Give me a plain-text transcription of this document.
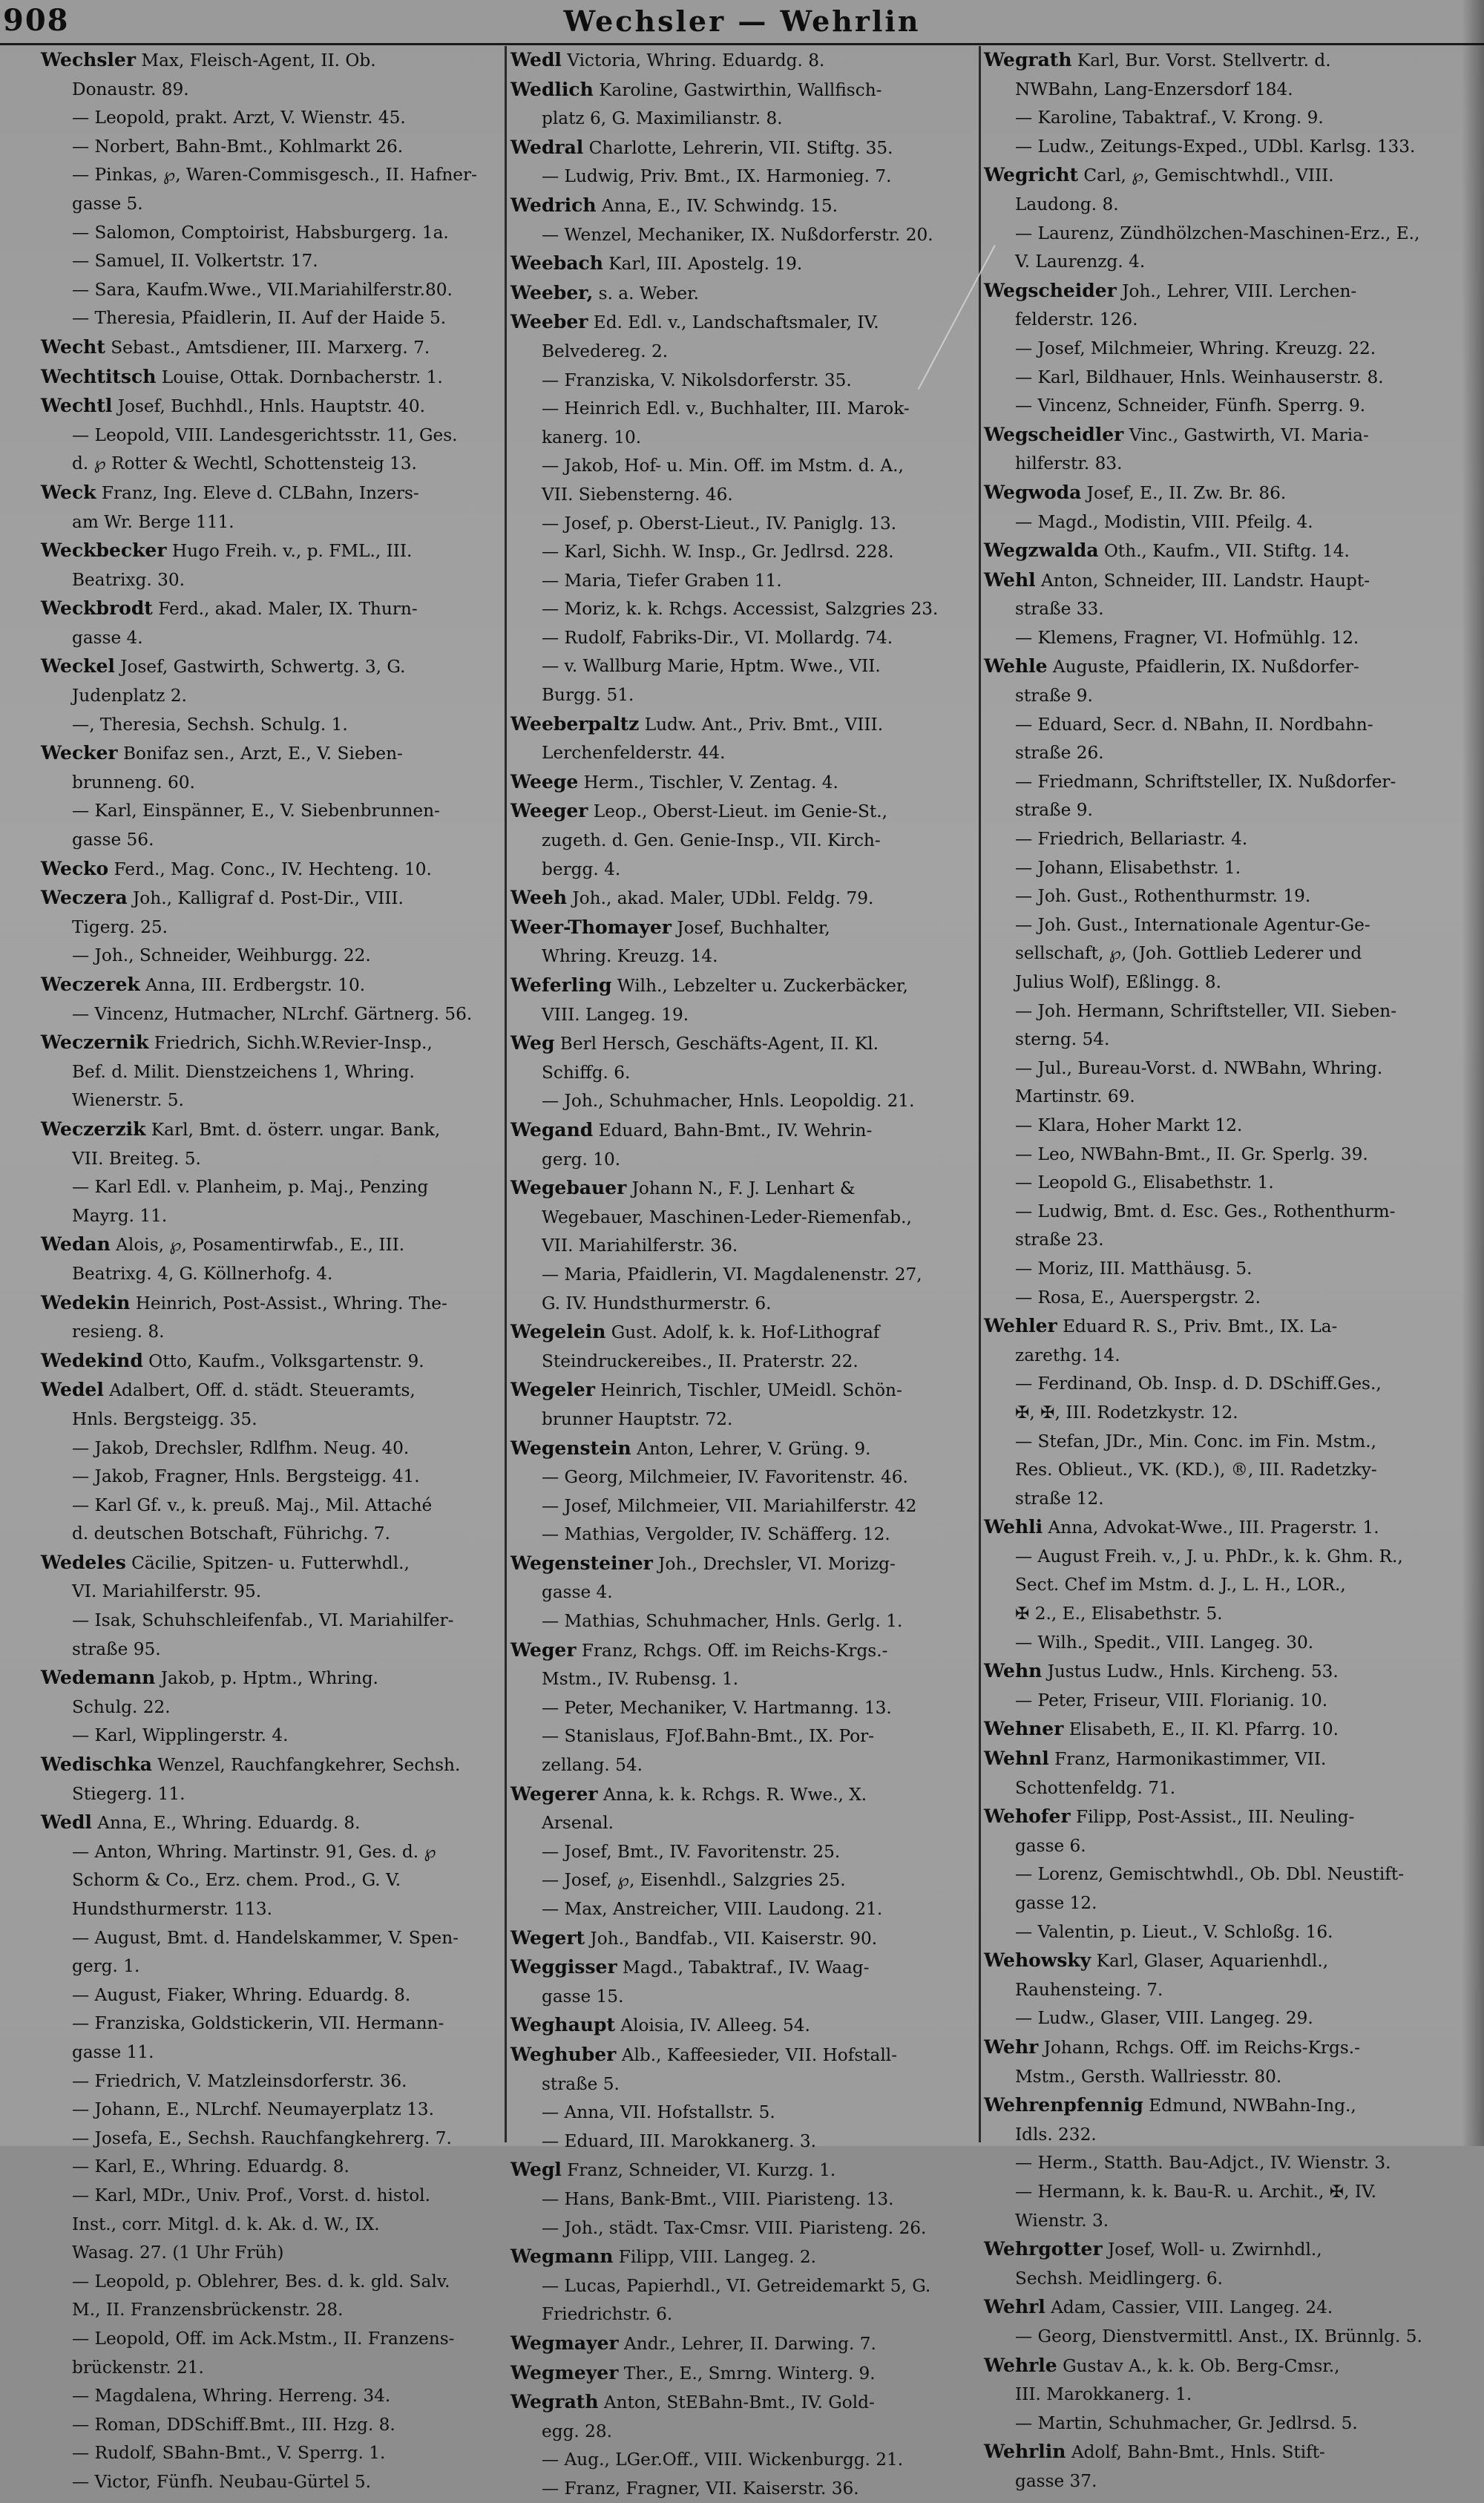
908	Wechsler — Wehrlin

Wechsler Max, Fleisch-Agent, II. Ob.

Donaustr. 89.

— Leopold, prakt. Arzt, V. Wienstr. 45.

— Norbert, Bahn-Bmt., Kohlmarkt 26.

— Pinkas, ℘, Waren-Commisgesch., II. Hafner-

gasse 5.

— Salomon, Comptoirist, Habsburgerg. 1a.

— Samuel, II. Volkertstr. 17.

— Sara, Kaufm.Wwe., VII.Mariahilferstr.80.

— Theresia, Pfaidlerin, II. Auf der Haide 5.

Wecht Sebast., Amtsdiener, III. Marxerg. 7.

Wechtitsch Louise, Ottak. Dornbacherstr. 1.

Wechtl Josef, Buchhdl., Hnls. Hauptstr. 40.

— Leopold, VIII. Landesgerichtsstr. 11, Ges.

d. ℘ Rotter & Wechtl, Schottensteig 13.

Weck Franz, Ing. Eleve d. CLBahn, Inzers-

am Wr. Berge 111.

Weckbecker Hugo Freih. v., p. FML., III.

Beatrixg. 30.

Weckbrodt Ferd., akad. Maler, IX. Thurn-

gasse 4.

Weckel Josef, Gastwirth, Schwertg. 3, G.

Judenplatz 2.

—, Theresia, Sechsh. Schulg. 1.

Wecker Bonifaz sen., Arzt, E., V. Sieben-

brunneng. 60.

— Karl, Einspänner, E., V. Siebenbrunnen-

gasse 56.

Wecko Ferd., Mag. Conc., IV. Hechteng. 10.

Weczera Joh., Kalligraf d. Post-Dir., VIII.

Tigerg. 25.

— Joh., Schneider, Weihburgg. 22.

Weczerek Anna, III. Erdbergstr. 10.

— Vincenz, Hutmacher, NLrchf. Gärtnerg. 56.

Weczernik Friedrich, Sichh.W.Revier-Insp.,

Bef. d. Milit. Dienstzeichens 1, Whring.

Wienerstr. 5.

Weczerzik Karl, Bmt. d. österr. ungar. Bank,

VII. Breiteg. 5.

— Karl Edl. v. Planheim, p. Maj., Penzing

Mayrg. 11.

Wedan Alois, ℘, Posamentirwfab., E., III.

Beatrixg. 4, G. Köllnerhofg. 4.

Wedekin Heinrich, Post-Assist., Whring. The-

resieng. 8.

Wedekind Otto, Kaufm., Volksgartenstr. 9.

Wedel Adalbert, Off. d. städt. Steueramts,

Hnls. Bergsteigg. 35.

— Jakob, Drechsler, Rdlfhm. Neug. 40.

— Jakob, Fragner, Hnls. Bergsteigg. 41.

— Karl Gf. v., k. preuß. Maj., Mil. Attaché

d. deutschen Botschaft, Führichg. 7.

Wedeles Cäcilie, Spitzen- u. Futterwhdl.,

VI. Mariahilferstr. 95.

— Isak, Schuhschleifenfab., VI. Mariahilfer-

straße 95.

Wedemann Jakob, p. Hptm., Whring.

Schulg. 22.

— Karl, Wipplingerstr. 4.

Wedischka Wenzel, Rauchfangkehrer, Sechsh.

Stiegerg. 11.

Wedl Anna, E., Whring. Eduardg. 8.

— Anton, Whring. Martinstr. 91, Ges. d. ℘

Schorm & Co., Erz. chem. Prod., G. V.

Hundsthurmerstr. 113.

— August, Bmt. d. Handelskammer, V. Spen-

gerg. 1.

— August, Fiaker, Whring. Eduardg. 8.

— Franziska, Goldstickerin, VII. Hermann-

gasse 11.

— Friedrich, V. Matzleinsdorferstr. 36.

— Johann, E., NLrchf. Neumayerplatz 13.

— Josefa, E., Sechsh. Rauchfangkehrerg. 7.

— Karl, E., Whring. Eduardg. 8.

— Karl, MDr., Univ. Prof., Vorst. d. histol.

Inst., corr. Mitgl. d. k. Ak. d. W., IX.

Wasag. 27. (1 Uhr Früh)

— Leopold, p. Oblehrer, Bes. d. k. gld. Salv.

M., II. Franzensbrückenstr. 28.

— Leopold, Off. im Ack.Mstm., II. Franzens-

brückenstr. 21.

— Magdalena, Whring. Herreng. 34.

— Roman, DDSchiff.Bmt., III. Hzg. 8.

— Rudolf, SBahn-Bmt., V. Sperrg. 1.

— Victor, Fünfh. Neubau-Gürtel 5.

Wedl Victoria, Whring. Eduardg. 8.

Wedlich Karoline, Gastwirthin, Wallfisch-

platz 6, G. Maximilianstr. 8.

Wedral Charlotte, Lehrerin, VII. Stiftg. 35.

— Ludwig, Priv. Bmt., IX. Harmonieg. 7.

Wedrich Anna, E., IV. Schwindg. 15.

— Wenzel, Mechaniker, IX. Nußdorferstr. 20.

Weebach Karl, III. Apostelg. 19.

Weeber, s. a. Weber.

Weeber Ed. Edl. v., Landschaftsmaler, IV.

Belvedereg. 2.

— Franziska, V. Nikolsdorferstr. 35.

— Heinrich Edl. v., Buchhalter, III. Marok-

kanerg. 10.

— Jakob, Hof- u. Min. Off. im Mstm. d. A.,

VII. Siebensterng. 46.

— Josef, p. Oberst-Lieut., IV. Paniglg. 13.

— Karl, Sichh. W. Insp., Gr. Jedlrsd. 228.

— Maria, Tiefer Graben 11.

— Moriz, k. k. Rchgs. Accessist, Salzgries 23.

— Rudolf, Fabriks-Dir., VI. Mollardg. 74.

— v. Wallburg Marie, Hptm. Wwe., VII.

Burgg. 51.

Weeberpaltz Ludw. Ant., Priv. Bmt., VIII.

Lerchenfelderstr. 44.

Weege Herm., Tischler, V. Zentag. 4.

Weeger Leop., Oberst-Lieut. im Genie-St.,

zugeth. d. Gen. Genie-Insp., VII. Kirch-

bergg. 4.

Weeh Joh., akad. Maler, UDbl. Feldg. 79.

Weer-Thomayer Josef, Buchhalter,

Whring. Kreuzg. 14.

Weferling Wilh., Lebzelter u. Zuckerbäcker,

VIII. Langeg. 19.

Weg Berl Hersch, Geschäfts-Agent, II. Kl.

Schiffg. 6.

— Joh., Schuhmacher, Hnls. Leopoldig. 21.

Wegand Eduard, Bahn-Bmt., IV. Wehrin-

gerg. 10.

Wegebauer Johann N., F. J. Lenhart &

Wegebauer, Maschinen-Leder-Riemenfab.,

VII. Mariahilferstr. 36.

— Maria, Pfaidlerin, VI. Magdalenenstr. 27,

G. IV. Hundsthurmerstr. 6.

Wegelein Gust. Adolf, k. k. Hof-Lithograf

Steindruckereibes., II. Praterstr. 22.

Wegeler Heinrich, Tischler, UMeidl. Schön-

brunner Hauptstr. 72.

Wegenstein Anton, Lehrer, V. Grüng. 9.

— Georg, Milchmeier, IV. Favoritenstr. 46.

— Josef, Milchmeier, VII. Mariahilferstr. 42

— Mathias, Vergolder, IV. Schäfferg. 12.

Wegensteiner Joh., Drechsler, VI. Morizg-

gasse 4.

— Mathias, Schuhmacher, Hnls. Gerlg. 1.

Weger Franz, Rchgs. Off. im Reichs-Krgs.-

Mstm., IV. Rubensg. 1.

— Peter, Mechaniker, V. Hartmanng. 13.

— Stanislaus, FJof.Bahn-Bmt., IX. Por-

zellang. 54.

Wegerer Anna, k. k. Rchgs. R. Wwe., X.

Arsenal.

— Josef, Bmt., IV. Favoritenstr. 25.

— Josef, ℘, Eisenhdl., Salzgries 25.

— Max, Anstreicher, VIII. Laudong. 21.

Wegert Joh., Bandfab., VII. Kaiserstr. 90.

Weggisser Magd., Tabaktraf., IV. Waag-

gasse 15.

Weghaupt Aloisia, IV. Alleeg. 54.

Weghuber Alb., Kaffeesieder, VII. Hofstall-

straße 5.

— Anna, VII. Hofstallstr. 5.

— Eduard, III. Marokkanerg. 3.

Wegl Franz, Schneider, VI. Kurzg. 1.

— Hans, Bank-Bmt., VIII. Piaristeng. 13.

— Joh., städt. Tax-Cmsr. VIII. Piaristeng. 26.

Wegmann Filipp, VIII. Langeg. 2.

— Lucas, Papierhdl., VI. Getreidemarkt 5, G.

Friedrichstr. 6.

Wegmayer Andr., Lehrer, II. Darwing. 7.

Wegmeyer Ther., E., Smrng. Winterg. 9.

Wegrath Anton, StEBahn-Bmt., IV. Gold-

egg. 28.

— Aug., LGer.Off., VIII. Wickenburgg. 21.

— Franz, Fragner, VII. Kaiserstr. 36.

Wegrath Karl, Bur. Vorst. Stellvertr. d.

NWBahn, Lang-Enzersdorf 184.

— Karoline, Tabaktraf., V. Krong. 9.

— Ludw., Zeitungs-Exped., UDbl. Karlsg. 133.

Wegricht Carl, ℘, Gemischtwhdl., VIII.

Laudong. 8.

— Laurenz, Zündhölzchen-Maschinen-Erz., E.,

V. Laurenzg. 4.

Wegscheider Joh., Lehrer, VIII. Lerchen-

felderstr. 126.

— Josef, Milchmeier, Whring. Kreuzg. 22.

— Karl, Bildhauer, Hnls. Weinhauserstr. 8.

— Vincenz, Schneider, Fünfh. Sperrg. 9.

Wegscheidler Vinc., Gastwirth, VI. Maria-

hilferstr. 83.

Wegwoda Josef, E., II. Zw. Br. 86.

— Magd., Modistin, VIII. Pfeilg. 4.

Wegzwalda Oth., Kaufm., VII. Stiftg. 14.

Wehl Anton, Schneider, III. Landstr. Haupt-

straße 33.

— Klemens, Fragner, VI. Hofmühlg. 12.

Wehle Auguste, Pfaidlerin, IX. Nußdorfer-

straße 9.

— Eduard, Secr. d. NBahn, II. Nordbahn-

straße 26.

— Friedmann, Schriftsteller, IX. Nußdorfer-

straße 9.

— Friedrich, Bellariastr. 4.

— Johann, Elisabethstr. 1.

— Joh. Gust., Rothenthurmstr. 19.

— Joh. Gust., Internationale Agentur-Ge-

sellschaft, ℘, (Joh. Gottlieb Lederer und

Julius Wolf), Eßlingg. 8.

— Joh. Hermann, Schriftsteller, VII. Sieben-

sterng. 54.

— Jul., Bureau-Vorst. d. NWBahn, Whring.

Martinstr. 69.

— Klara, Hoher Markt 12.

— Leo, NWBahn-Bmt., II. Gr. Sperlg. 39.

— Leopold G., Elisabethstr. 1.

— Ludwig, Bmt. d. Esc. Ges., Rothenthurm-

straße 23.

— Moriz, III. Matthäusg. 5.

— Rosa, E., Auerspergstr. 2.

Wehler Eduard R. S., Priv. Bmt., IX. La-

zarethg. 14.

— Ferdinand, Ob. Insp. d. D. DSchiff.Ges.,

✠, ✠, III. Rodetzkystr. 12.

— Stefan, JDr., Min. Conc. im Fin. Mstm.,

Res. Oblieut., VK. (KD.), ®, III. Radetzky-

straße 12.

Wehli Anna, Advokat-Wwe., III. Pragerstr. 1.

— August Freih. v., J. u. PhDr., k. k. Ghm. R.,

Sect. Chef im Mstm. d. J., L. H., LOR.,

✠ 2., E., Elisabethstr. 5.

— Wilh., Spedit., VIII. Langeg. 30.

Wehn Justus Ludw., Hnls. Kircheng. 53.

— Peter, Friseur, VIII. Florianig. 10.

Wehner Elisabeth, E., II. Kl. Pfarrg. 10.

Wehnl Franz, Harmonikastimmer, VII.

Schottenfeldg. 71.

Wehofer Filipp, Post-Assist., III. Neuling-

gasse 6.

— Lorenz, Gemischtwhdl., Ob. Dbl. Neustift-

gasse 12.

— Valentin, p. Lieut., V. Schloßg. 16.

Wehowsky Karl, Glaser, Aquarienhdl.,

Rauhensteing. 7.

— Ludw., Glaser, VIII. Langeg. 29.

Wehr Johann, Rchgs. Off. im Reichs-Krgs.-

Mstm., Gersth. Wallriesstr. 80.

Wehrenpfennig Edmund, NWBahn-Ing.,

Idls. 232.

— Herm., Statth. Bau-Adjct., IV. Wienstr. 3.

— Hermann, k. k. Bau-R. u. Archit., ✠, IV.

Wienstr. 3.

Wehrgotter Josef, Woll- u. Zwirnhdl.,

Sechsh. Meidlingerg. 6.

Wehrl Adam, Cassier, VIII. Langeg. 24.

— Georg, Dienstvermittl. Anst., IX. Brünnlg. 5.

Wehrle Gustav A., k. k. Ob. Berg-Cmsr.,

III. Marokkanerg. 1.

— Martin, Schuhmacher, Gr. Jedlrsd. 5.

Wehrlin Adolf, Bahn-Bmt., Hnls. Stift-

gasse 37.
